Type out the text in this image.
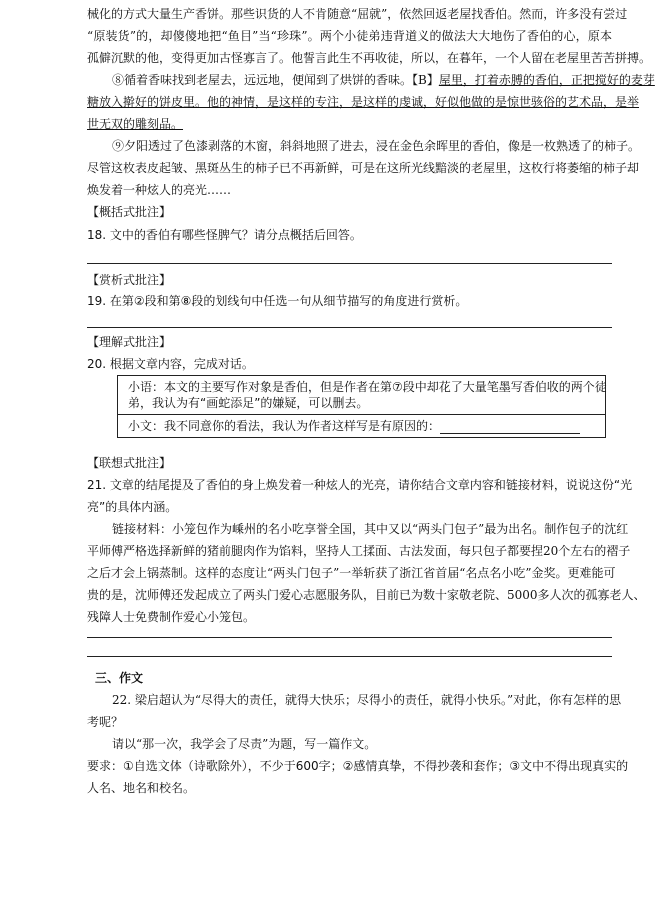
械化的方式大量生产香饼。那些识货的人不肯随意“屈就”，依然回返老屋找香伯。然而，许多没有尝过
“原装货”的，却傻傻地把“鱼目”当“珍珠”。两个小徒弟违背道义的做法大大地伤了香伯的心，原本
孤僻沉默的他，变得更加古怪寡言了。他誓言此生不再收徒，所以，在暮年，一个人留在老屋里苦苦拼搏。
⑧循着香味找到老屋去，远远地，便闻到了烘饼的香味。【B】屋里，打着赤膊的香伯，正把搅好的麦芽
糖放入擀好的饼皮里。他的神情，是这样的专注，是这样的虔诚，好似他做的是惊世骇俗的艺术品，是举
世无双的雕刻品。
⑨夕阳透过了色漆剥落的木窗，斜斜地照了进去，浸在金色余晖里的香伯，像是一枚熟透了的柿子。
尽管这枚表皮起皱、黑斑丛生的柿子已不再新鲜，可是在这所光线黯淡的老屋里，这枚行将萎缩的柿子却
焕发着一种炫人的亮光……
【概括式批注】
18. 文中的香伯有哪些怪脾气？请分点概括后回答。
【赏析式批注】
19. 在第②段和第⑧段的划线句中任选一句从细节描写的角度进行赏析。
【理解式批注】
20. 根据文章内容，完成对话。
小语：本文的主要写作对象是香伯，但是作者在第⑦段中却花了大量笔墨写香伯收的两个徒
弟，我认为有“画蛇添足”的嫌疑，可以删去。
小文：我不同意你的看法，我认为作者这样写是有原因的：
【联想式批注】
21. 文章的结尾提及了香伯的身上焕发着一种炫人的光亮，请你结合文章内容和链接材料，说说这份“光
亮”的具体内涵。
链接材料：小笼包作为嵊州的名小吃享誉全国，其中又以“两头门包子”最为出名。制作包子的沈红
平师傅严格选择新鲜的猪前腿肉作为馅料，坚持人工揉面、古法发面，每只包子都要捏20个左右的褶子
之后才会上锅蒸制。这样的态度让“两头门包子”一举斩获了浙江省首届“名点名小吃”金奖。更难能可
贵的是，沈师傅还发起成立了两头门爱心志愿服务队，目前已为数十家敬老院、5000多人次的孤寡老人、
残障人士免费制作爱心小笼包。
三、作文
22. 梁启超认为“尽得大的责任，就得大快乐；尽得小的责任，就得小快乐。”对此，你有怎样的思
考呢？
请以“那一次，我学会了尽责”为题，写一篇作文。
要求：①自选文体（诗歌除外），不少于600字；②感情真挚，不得抄袭和套作；③文中不得出现真实的
人名、地名和校名。
